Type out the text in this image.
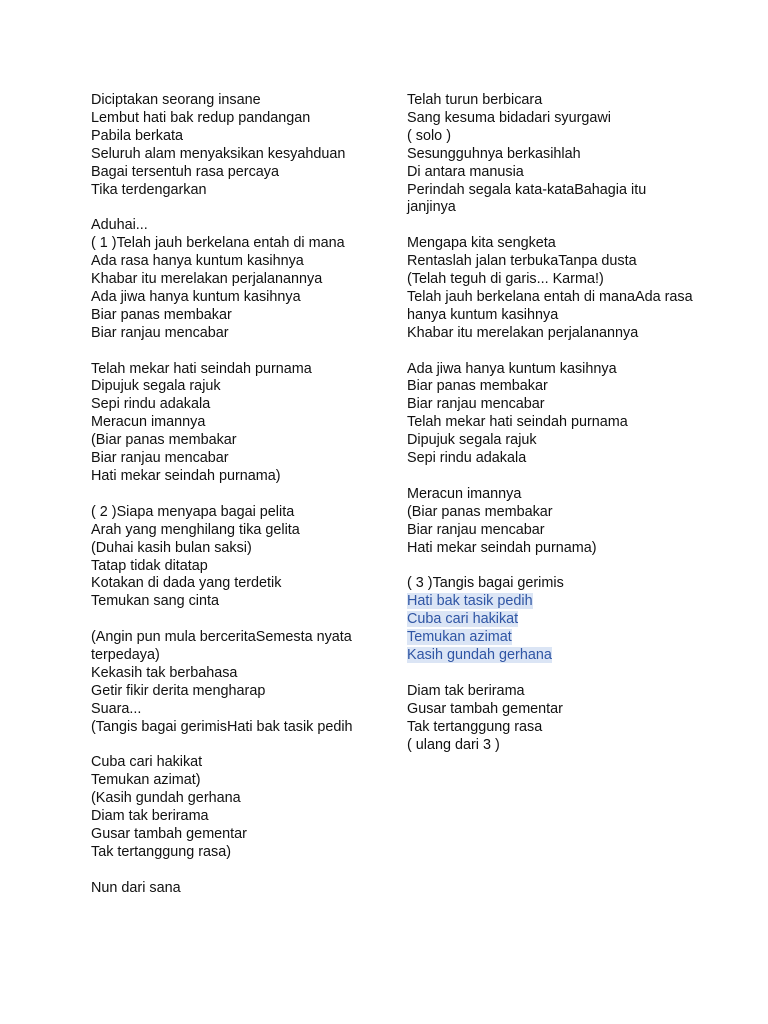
Diciptakan seorang insane
Lembut hati bak redup pandangan
Pabila berkata
Seluruh alam menyaksikan kesyahduan
Bagai tersentuh rasa percaya
Tika terdengarkan
Aduhai...
( 1 )Telah jauh berkelana entah di mana
Ada rasa hanya kuntum kasihnya
Khabar itu merelakan perjalanannya
Ada jiwa hanya kuntum kasihnya
Biar panas membakar
Biar ranjau mencabar
Telah mekar hati seindah purnama
Dipujuk segala rajuk
Sepi rindu adakala
Meracun imannya
(Biar panas membakar
Biar ranjau mencabar
Hati mekar seindah purnama)
( 2 )Siapa menyapa bagai pelita
Arah yang menghilang tika gelita
(Duhai kasih bulan saksi)
Tatap tidak ditatap
Kotakan di dada yang terdetik
Temukan sang cinta
(Angin pun mula berceritaSemesta nyata terpedaya)
Kekasih tak berbahasa
Getir fikir derita mengharap
Suara...
(Tangis bagai gerimisHati bak tasik pedih
Cuba cari hakikat
Temukan azimat)
(Kasih gundah gerhana
Diam tak berirama
Gusar tambah gementar
Tak tertanggung rasa)
Nun dari sana
Telah turun berbicara
Sang kesuma bidadari syurgawi
( solo )
Sesungguhnya berkasihlah
Di antara manusia
Perindah segala kata-kataBahagia itu janjinya
Mengapa kita sengketa
Rentaslah jalan terbukaTanpa dusta
(Telah teguh di garis... Karma!)
Telah jauh berkelana entah di manaAda rasa hanya kuntum kasihnya
Khabar itu merelakan perjalanannya
Ada jiwa hanya kuntum kasihnya
Biar panas membakar
Biar ranjau mencabar
Telah mekar hati seindah purnama
Dipujuk segala rajuk
Sepi rindu adakala
Meracun imannya
(Biar panas membakar
Biar ranjau mencabar
Hati mekar seindah purnama)
( 3 )Tangis bagai gerimis
Hati bak tasik pedih
Cuba cari hakikat
Temukan azimat
Kasih gundah gerhana
Diam tak berirama
Gusar tambah gementar
Tak tertanggung rasa
( ulang dari 3 )
